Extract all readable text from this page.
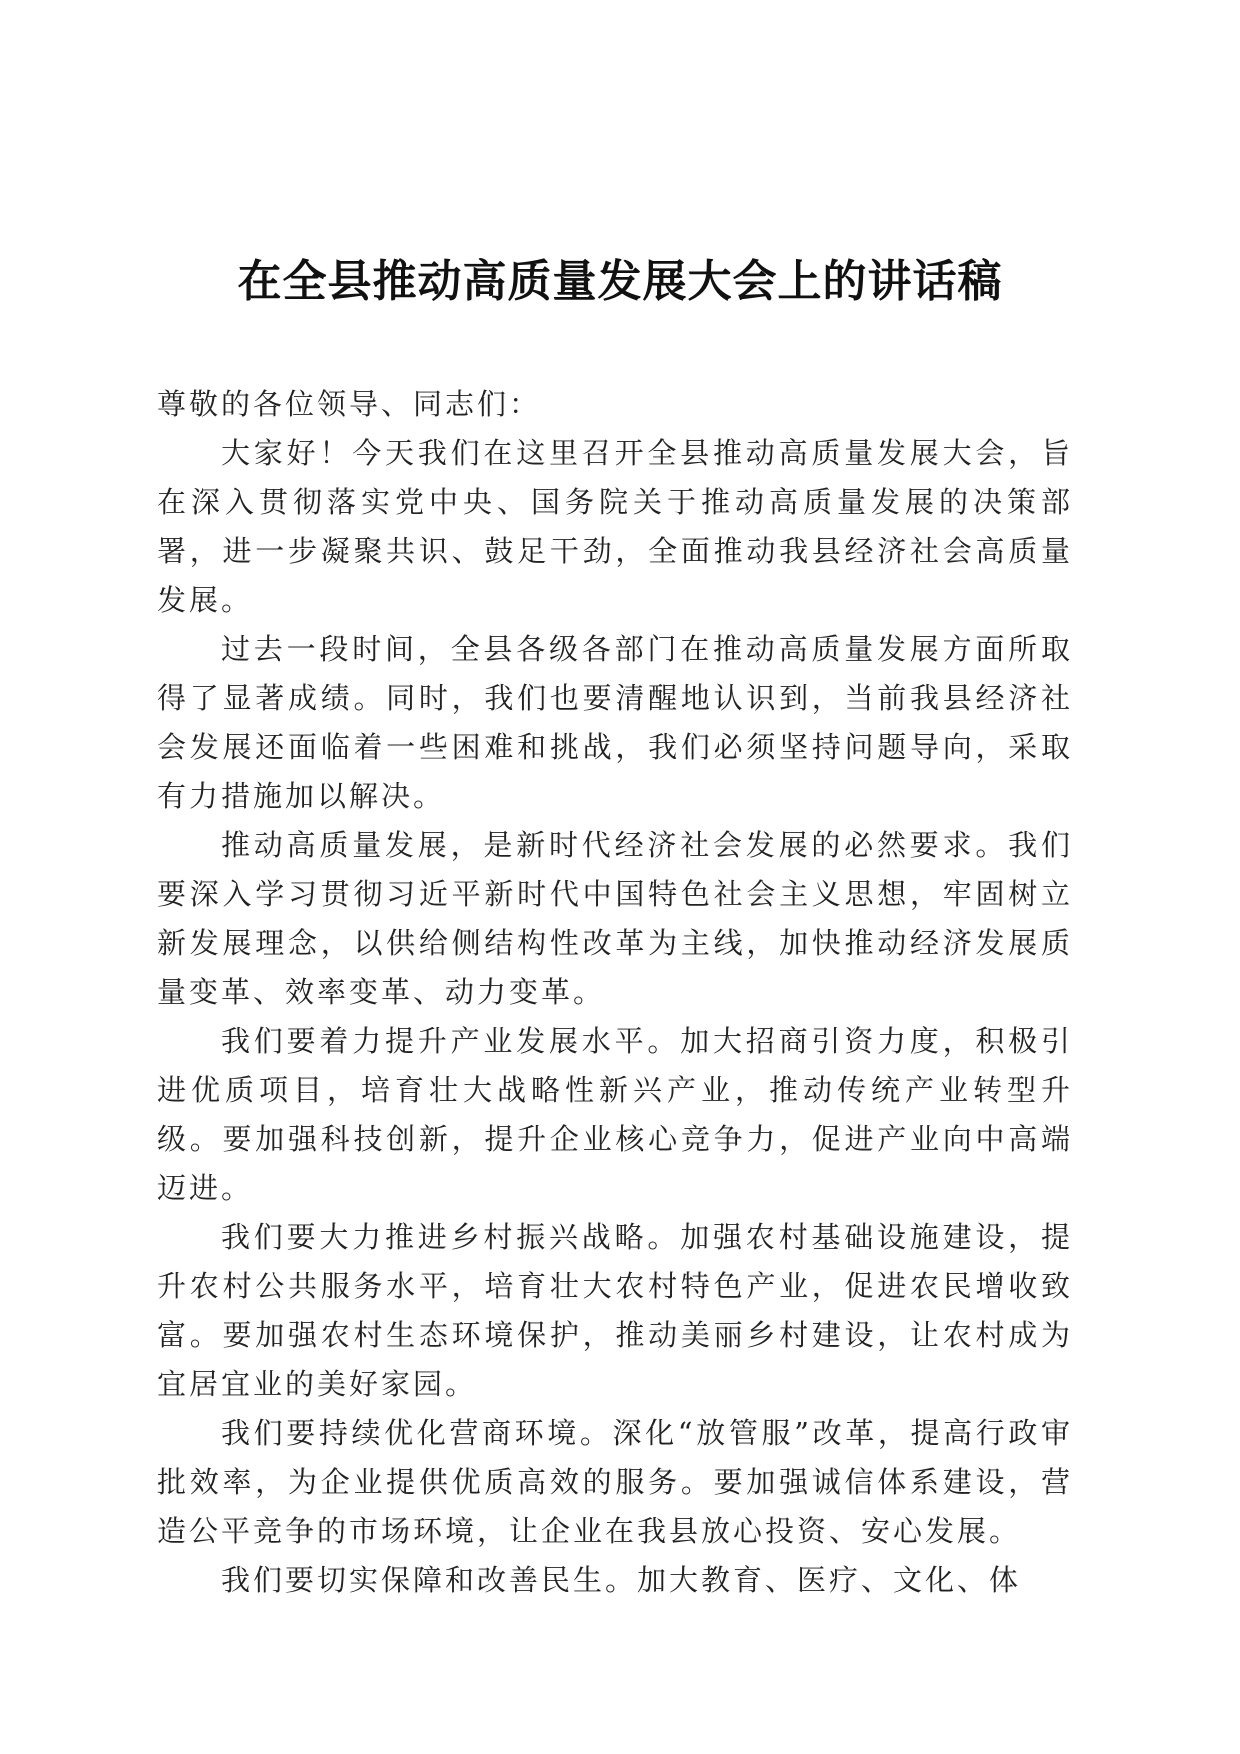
在全县推动高质量发展大会上的讲话稿

尊敬的各位领导、同志们：

大家好！今天我们在这里召开全县推动高质量发展大会，旨在深入贯彻落实党中央、国务院关于推动高质量发展的决策部署，进一步凝聚共识、鼓足干劲，全面推动我县经济社会高质量发展。

过去一段时间，全县各级各部门在推动高质量发展方面所取得了显著成绩。同时，我们也要清醒地认识到，当前我县经济社会发展还面临着一些困难和挑战，我们必须坚持问题导向，采取有力措施加以解决。

推动高质量发展，是新时代经济社会发展的必然要求。我们要深入学习贯彻习近平新时代中国特色社会主义思想，牢固树立新发展理念，以供给侧结构性改革为主线，加快推动经济发展质量变革、效率变革、动力变革。

我们要着力提升产业发展水平。加大招商引资力度，积极引进优质项目，培育壮大战略性新兴产业，推动传统产业转型升级。要加强科技创新，提升企业核心竞争力，促进产业向中高端迈进。

我们要大力推进乡村振兴战略。加强农村基础设施建设，提升农村公共服务水平，培育壮大农村特色产业，促进农民增收致富。要加强农村生态环境保护，推动美丽乡村建设，让农村成为宜居宜业的美好家园。

我们要持续优化营商环境。深化“放管服”改革，提高行政审批效率，为企业提供优质高效的服务。要加强诚信体系建设，营造公平竞争的市场环境，让企业在我县放心投资、安心发展。

我们要切实保障和改善民生。加大教育、医疗、文化、体
